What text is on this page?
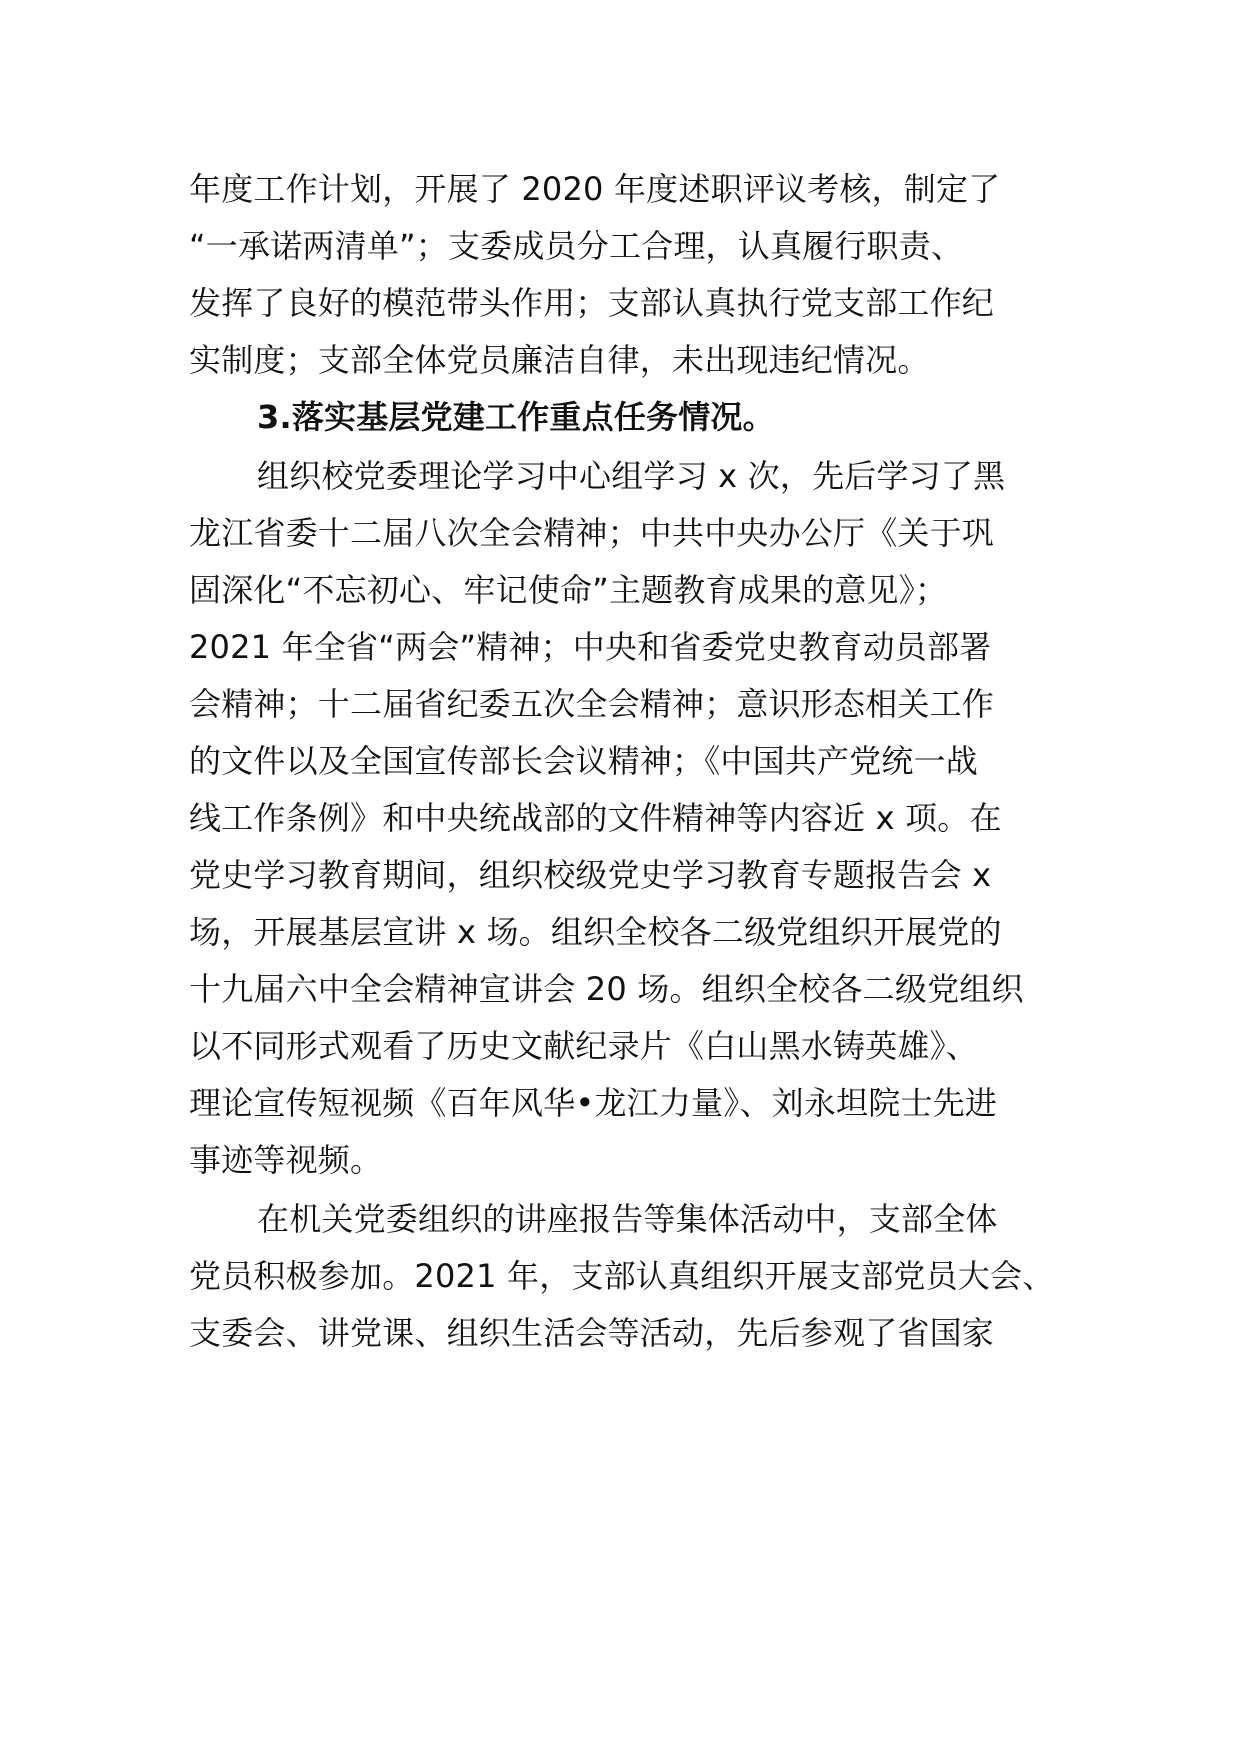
年度工作计划，开展了 2020 年度述职评议考核，制定了
“一承诺两清单”；支委成员分工合理，认真履行职责、
发挥了良好的模范带头作用；支部认真执行党支部工作纪
实制度；支部全体党员廉洁自律，未出现违纪情况。
3.落实基层党建工作重点任务情况。
组织校党委理论学习中心组学习 x 次，先后学习了黑
龙江省委十二届八次全会精神；中共中央办公厅《关于巩
固深化“不忘初心、牢记使命”主题教育成果的意见》；
2021 年全省“两会”精神；中央和省委党史教育动员部署
会精神；十二届省纪委五次全会精神；意识形态相关工作
的文件以及全国宣传部长会议精神；《中国共产党统一战
线工作条例》和中央统战部的文件精神等内容近 x 项。在
党史学习教育期间，组织校级党史学习教育专题报告会 x
场，开展基层宣讲 x 场。组织全校各二级党组织开展党的
十九届六中全会精神宣讲会 20 场。组织全校各二级党组织
以不同形式观看了历史文献纪录片《白山黑水铸英雄》、
理论宣传短视频《百年风华•龙江力量》、刘永坦院士先进
事迹等视频。
在机关党委组织的讲座报告等集体活动中，支部全体
党员积极参加。2021 年，支部认真组织开展支部党员大会、
支委会、讲党课、组织生活会等活动，先后参观了省国家
